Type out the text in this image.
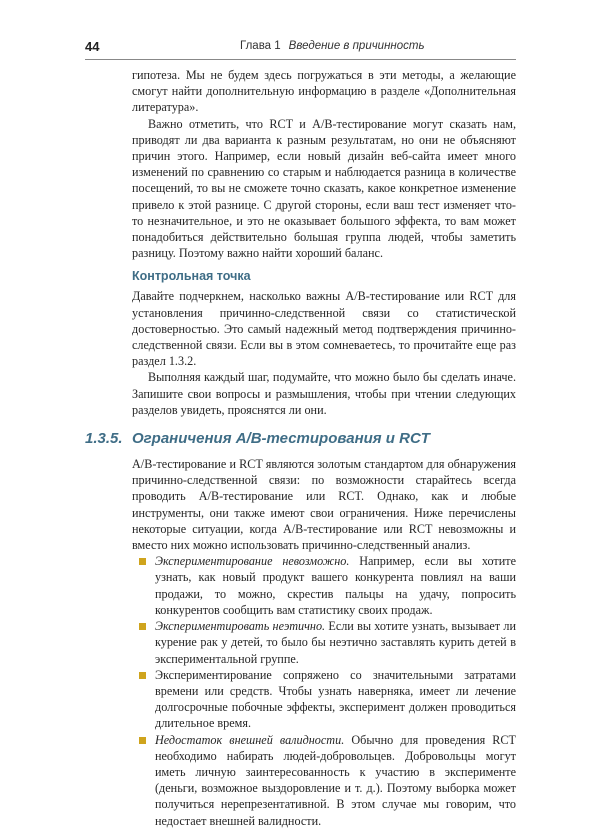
44	Глава 1 Введение в причинность

гипотеза. Мы не будем здесь погружаться в эти методы, а желающие смогут найти дополнительную информацию в разделе «Дополнительная литература».

Важно отметить, что RCT и A/B-тестирование могут сказать нам, приводят ли два варианта к разным результатам, но они не объясняют причин этого. Например, если новый дизайн веб-сайта имеет много изменений по сравнению со старым и наблюдается разница в количестве посещений, то вы не сможете точно сказать, какое конкретное изменение привело к этой разнице. С другой стороны, если ваш тест изменяет что-то незначительное, и это не оказывает большого эффекта, то вам может понадобиться действительно большая группа людей, чтобы заметить разницу. Поэтому важно найти хороший баланс.

Контрольная точка

Давайте подчеркнем, насколько важны A/B-тестирование или RCT для установления причинно-следственной связи со статистической достоверностью. Это самый надежный метод подтверждения причинно-следственной связи. Если вы в этом сомневаетесь, то прочитайте еще раз раздел 1.3.2.

Выполняя каждый шаг, подумайте, что можно было бы сделать иначе. Запишите свои вопросы и размышления, чтобы при чтении следующих разделов увидеть, прояснятся ли они.

1.3.5. Ограничения A/B-тестирования и RCT

A/B-тестирование и RCT являются золотым стандартом для обнаружения причинно-следственной связи: по возможности старайтесь всегда проводить A/B-тестирование или RCT. Однако, как и любые инструменты, они также имеют свои ограничения. Ниже перечислены некоторые ситуации, когда A/B-тестирование или RCT невозможны и вместо них можно использовать причинно-следственный анализ.

Экспериментирование невозможно. Например, если вы хотите узнать, как новый продукт вашего конкурента повлиял на ваши продажи, то можно, скрестив пальцы на удачу, попросить конкурентов сообщить вам статистику своих продаж.

Экспериментировать неэтично. Если вы хотите узнать, вызывает ли курение рак у детей, то было бы неэтично заставлять курить детей в экспериментальной группе.

Экспериментирование сопряжено со значительными затратами времени или средств. Чтобы узнать наверняка, имеет ли лечение долгосрочные побочные эффекты, эксперимент должен проводиться длительное время.

Недостаток внешней валидности. Обычно для проведения RCT необходимо набирать людей-добровольцев. Добровольцы могут иметь личную заинтересованность к участию в эксперименте (деньги, возможное выздоровление и т. д.). Поэтому выборка может получиться нерепрезентативной. В этом случае мы говорим, что недостает внешней валидности.
